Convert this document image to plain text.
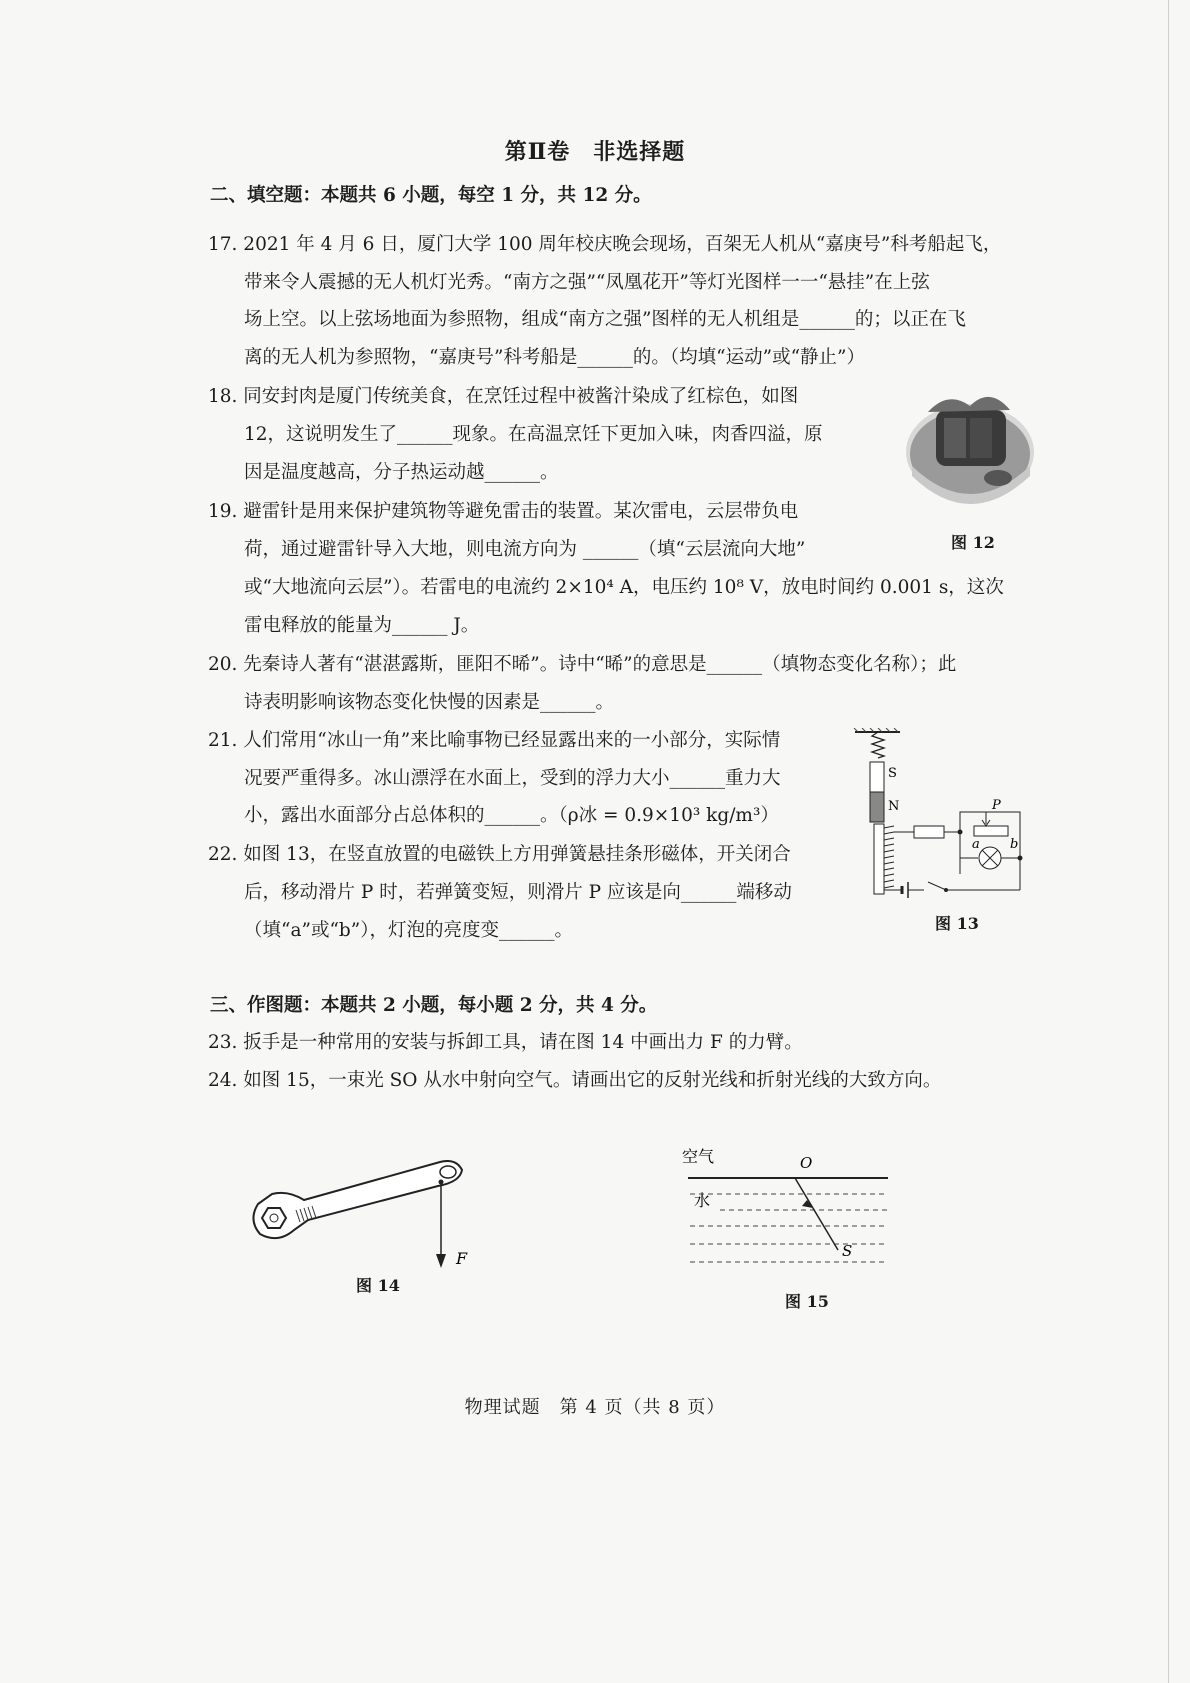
第Ⅱ卷　非选择题
二、填空题：本题共 6 小题，每空 1 分，共 12 分。
17. 2021 年 4 月 6 日，厦门大学 100 周年校庆晚会现场，百架无人机从“嘉庚号”科考船起飞，
带来令人震撼的无人机灯光秀。“南方之强”“凤凰花开”等灯光图样一一“悬挂”在上弦
场上空。以上弦场地面为参照物，组成“南方之强”图样的无人机组是______的；以正在飞
离的无人机为参照物，“嘉庚号”科考船是______的。（均填“运动”或“静止”）
18. 同安封肉是厦门传统美食，在烹饪过程中被酱汁染成了红棕色，如图
12，这说明发生了______现象。在高温烹饪下更加入味，肉香四溢，原
因是温度越高，分子热运动越______。
19. 避雷针是用来保护建筑物等避免雷击的装置。某次雷电，云层带负电
荷，通过避雷针导入大地，则电流方向为 ______（填“云层流向大地”
或“大地流向云层”）。若雷电的电流约 2×10⁴ A，电压约 10⁸ V，放电时间约 0.001 s，这次
雷电释放的能量为______ J。
20. 先秦诗人著有“湛湛露斯，匪阳不晞”。诗中“晞”的意思是______（填物态变化名称）；此
诗表明影响该物态变化快慢的因素是______。
21. 人们常用“冰山一角”来比喻事物已经显露出来的一小部分，实际情
况要严重得多。冰山漂浮在水面上，受到的浮力大小______重力大
小，露出水面部分占总体积的______。（ρ冰 = 0.9×10³ kg/m³）
22. 如图 13，在竖直放置的电磁铁上方用弹簧悬挂条形磁体，开关闭合
后，移动滑片 P 时，若弹簧变短，则滑片 P 应该是向______端移动
（填“a”或“b”），灯泡的亮度变______。
三、作图题：本题共 2 小题，每小题 2 分，共 4 分。
23. 扳手是一种常用的安装与拆卸工具，请在图 14 中画出力 F 的力臂。
24. 如图 15，一束光 SO 从水中射向空气。请画出它的反射光线和折射光线的大致方向。
图 12
S
N	P
a b
图 13
F
图 14
空气	O
水
S
图 15
物理试题　第 4 页（共 8 页）
